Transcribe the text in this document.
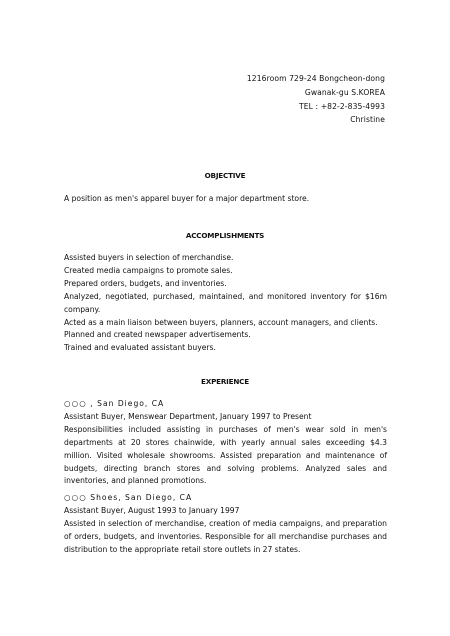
1216room 729-24 Bongcheon-dong
Gwanak-gu S.KOREA
TEL : +82-2-835-4993
Christine
OBJECTIVE
A position as men's apparel buyer for a major department store.
ACCOMPLISHMENTS
Assisted buyers in selection of merchandise.
Created media campaigns to promote sales.
Prepared orders, budgets, and inventories.
Analyzed, negotiated, purchased, maintained, and monitored inventory for $16m company.
Acted as a main liaison between buyers, planners, account managers, and clients.
Planned and created newspaper advertisements.
Trained and evaluated assistant buyers.
EXPERIENCE
○○○ , San Diego, CA
Assistant Buyer, Menswear Department, January 1997 to Present
Responsibilities included assisting in purchases of men's wear sold in men's departments at 20 stores chainwide, with yearly annual sales exceeding $4.3 million. Visited wholesale showrooms. Assisted preparation and maintenance of budgets, directing branch stores and solving problems. Analyzed sales and inventories, and planned promotions.
○○○ Shoes, San Diego, CA
Assistant Buyer, August 1993 to January 1997
Assisted in selection of merchandise, creation of media campaigns, and preparation of orders, budgets, and inventories. Responsible for all merchandise purchases and distribution to the appropriate retail store outlets in 27 states.
